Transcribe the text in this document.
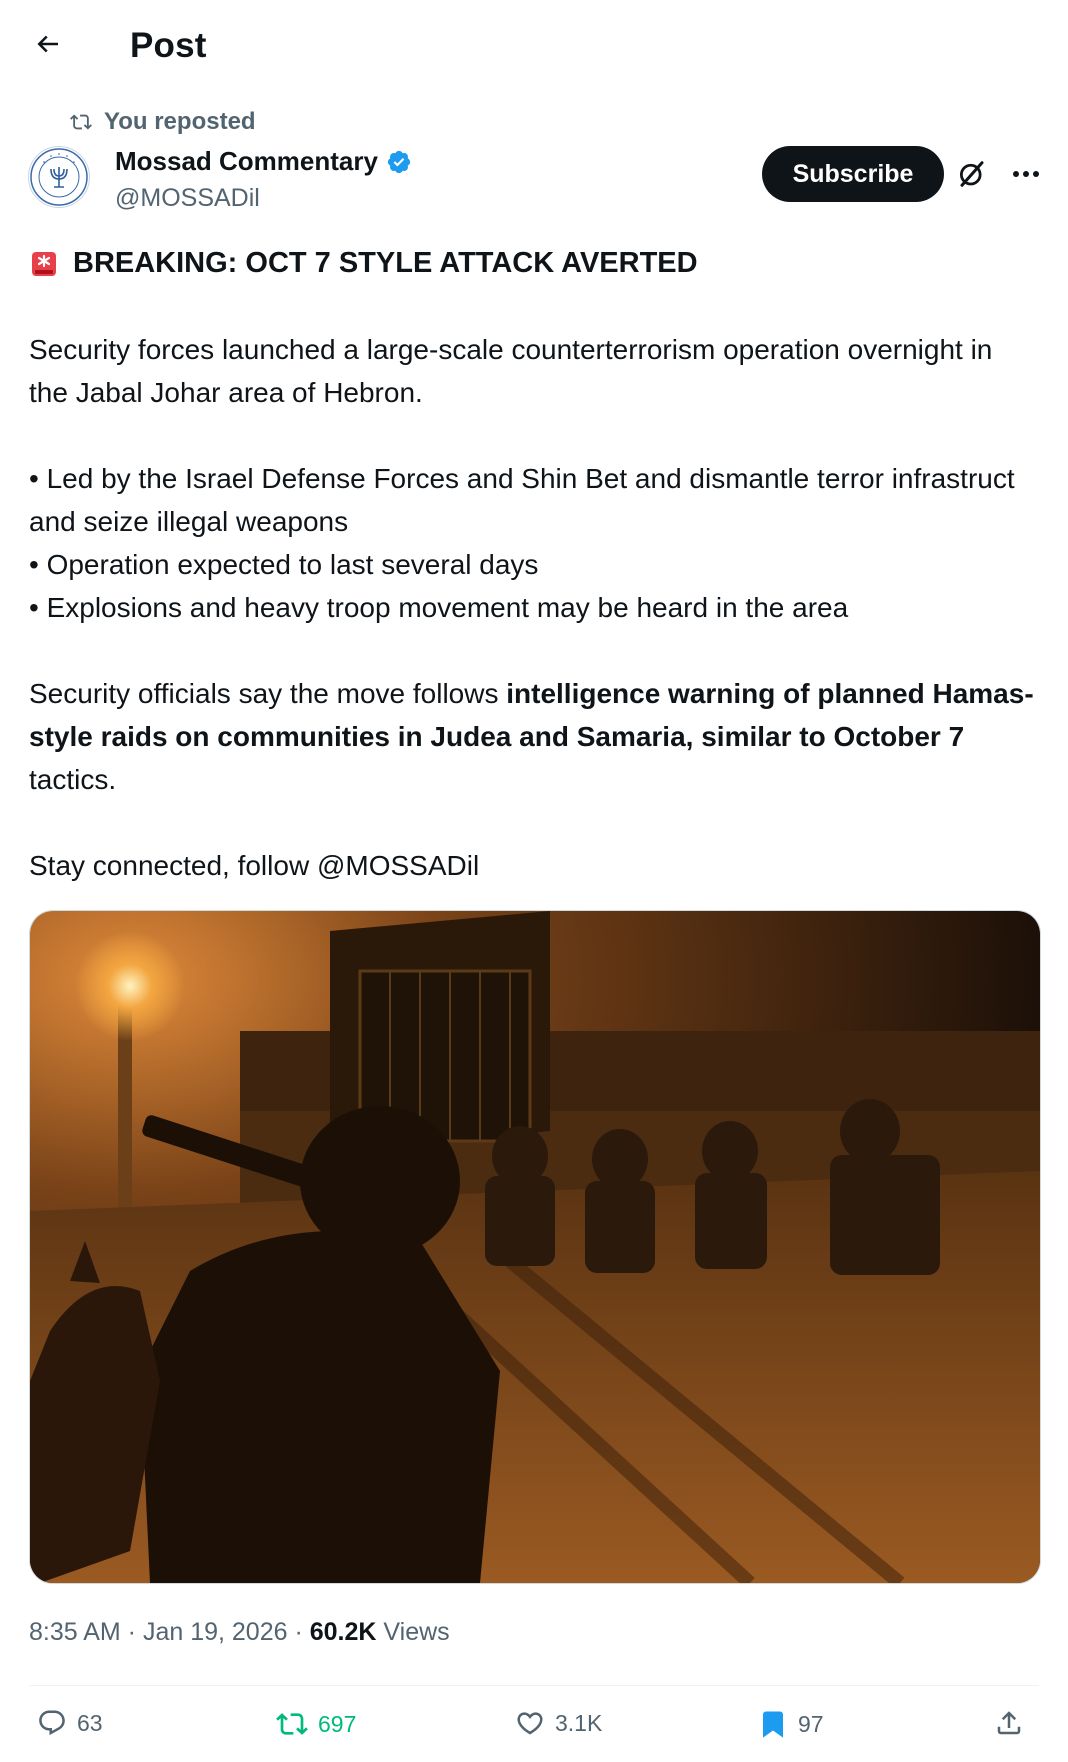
Post
You reposted
Mossad Commentary
@MOSSADil
Subscribe

BREAKING: OCT 7 STYLE ATTACK AVERTED

Security forces launched a large-scale counterterrorism operation overnight in the Jabal Johar area of Hebron.

• Led by the Israel Defense Forces and Shin Bet and dismantle terror infrastruct and seize illegal weapons

• Operation expected to last several days

• Explosions and heavy troop movement may be heard in the area

Security officials say the move follows intelligence warning of planned Hamas-style raids on communities in Judea and Samaria, similar to October 7 tactics.

Stay connected, follow @MOSSADil

8:35 AM · Jan 19, 2026 · 60.2K Views
63	697	3.1K	97
